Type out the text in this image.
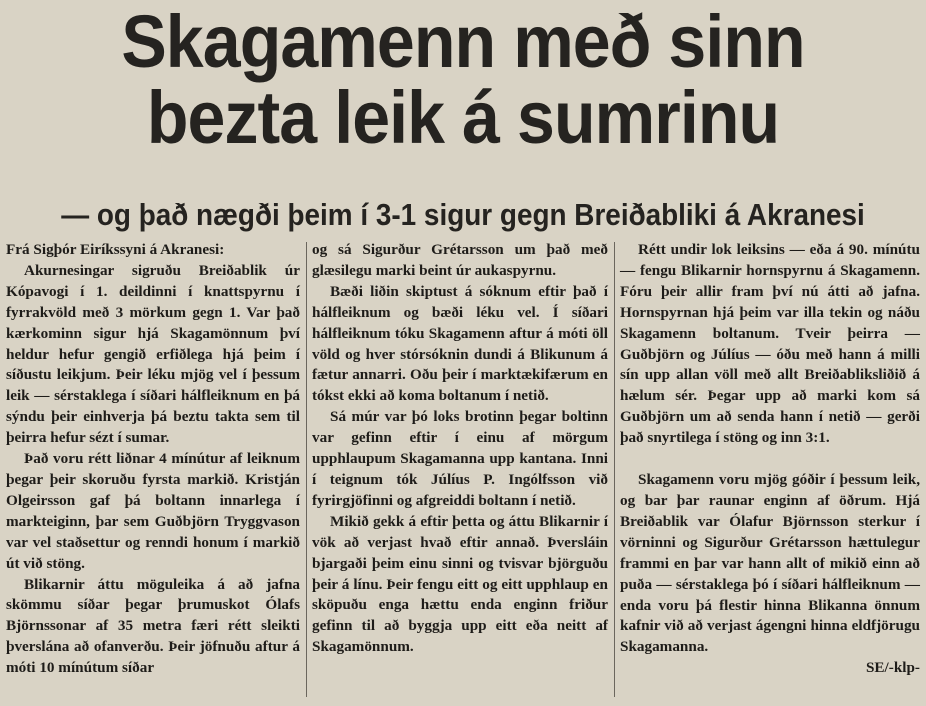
Skagamenn með sinn
bezta leik á sumrinu
— og það nægði þeim í 3-1 sigur gegn Breiðabliki á Akranesi
Frá Sigþór Eiríkssyni á Akranesi:

Akurnesingar sigruðu Breiðablik úr Kópavogi í 1. deildinni í knattspyrnu í fyrrakvöld með 3 mörkum gegn 1. Var það kærkominn sigur hjá Skagamönnum því heldur hefur gengið erfiðlega hjá þeim í síðustu leikjum. Þeir léku mjög vel í þessum leik — sérstaklega í síðari hálfleiknum en þá sýndu þeir einhverja þá beztu takta sem til þeirra hefur sézt í sumar.

Það voru rétt liðnar 4 mínútur af leiknum þegar þeir skoruðu fyrsta markið. Kristján Olgeirsson gaf þá boltann innarlega í markteiginn, þar sem Guðbjörn Tryggvason var vel staðsettur og renndi honum í markið út við stöng.

Blikarnir áttu möguleika á að jafna skömmu síðar þegar þrumuskot Ólafs Björnssonar af 35 metra færi rétt sleikti þverslána að ofanverðu. Þeir jöfnuðu aftur á móti 10 mínútum síðar

og sá Sigurður Grétarsson um það með glæsilegu marki beint úr aukaspyrnu.

Bæði liðin skiptust á sóknum eftir það í hálfleiknum og bæði léku vel. Í síðari hálfleiknum tóku Skagamenn aftur á móti öll völd og hver stórsóknin dundi á Blikunum á fætur annarri. Oðu þeir í marktækifærum en tókst ekki að koma boltanum í netið.

Sá múr var þó loks brotinn þegar boltinn var gefinn eftir í einu af mörgum upphlaupum Skagamanna upp kantana. Inni í teignum tók Júlíus P. Ingólfsson við fyrirgjöfinni og afgreiddi boltann í netið.

Mikið gekk á eftir þetta og áttu Blikarnir í vök að verjast hvað eftir annað. Þversláin bjargaði þeim einu sinni og tvisvar björguðu þeir á línu. Þeir fengu eitt og eitt upphlaup en sköpuðu enga hættu enda enginn friður gefinn til að byggja upp eitt eða neitt af Skagamönnum.

Rétt undir lok leiksins — eða á 90. mínútu — fengu Blikarnir hornspyrnu á Skagamenn. Fóru þeir allir fram því nú átti að jafna. Hornspyrnan hjá þeim var illa tekin og náðu Skagamenn boltanum. Tveir þeirra — Guðbjörn og Júlíus — óðu með hann á milli sín upp allan völl með allt Breiðabliksliðið á hælum sér. Þegar upp að marki kom sá Guðbjörn um að senda hann í netið — gerði það snyrtilega í stöng og inn 3:1.

Skagamenn voru mjög góðir í þessum leik, og bar þar raunar enginn af öðrum. Hjá Breiðablik var Ólafur Björnsson sterkur í vörninni og Sigurður Grétarsson hættulegur frammi en þar var hann allt of mikið einn að puða — sérstaklega þó í síðari hálfleiknum — enda voru þá flestir hinna Blikanna önnum kafnir við að verjast ágengni hinna eldfjörugu Skagamanna.

SE/-klp-
